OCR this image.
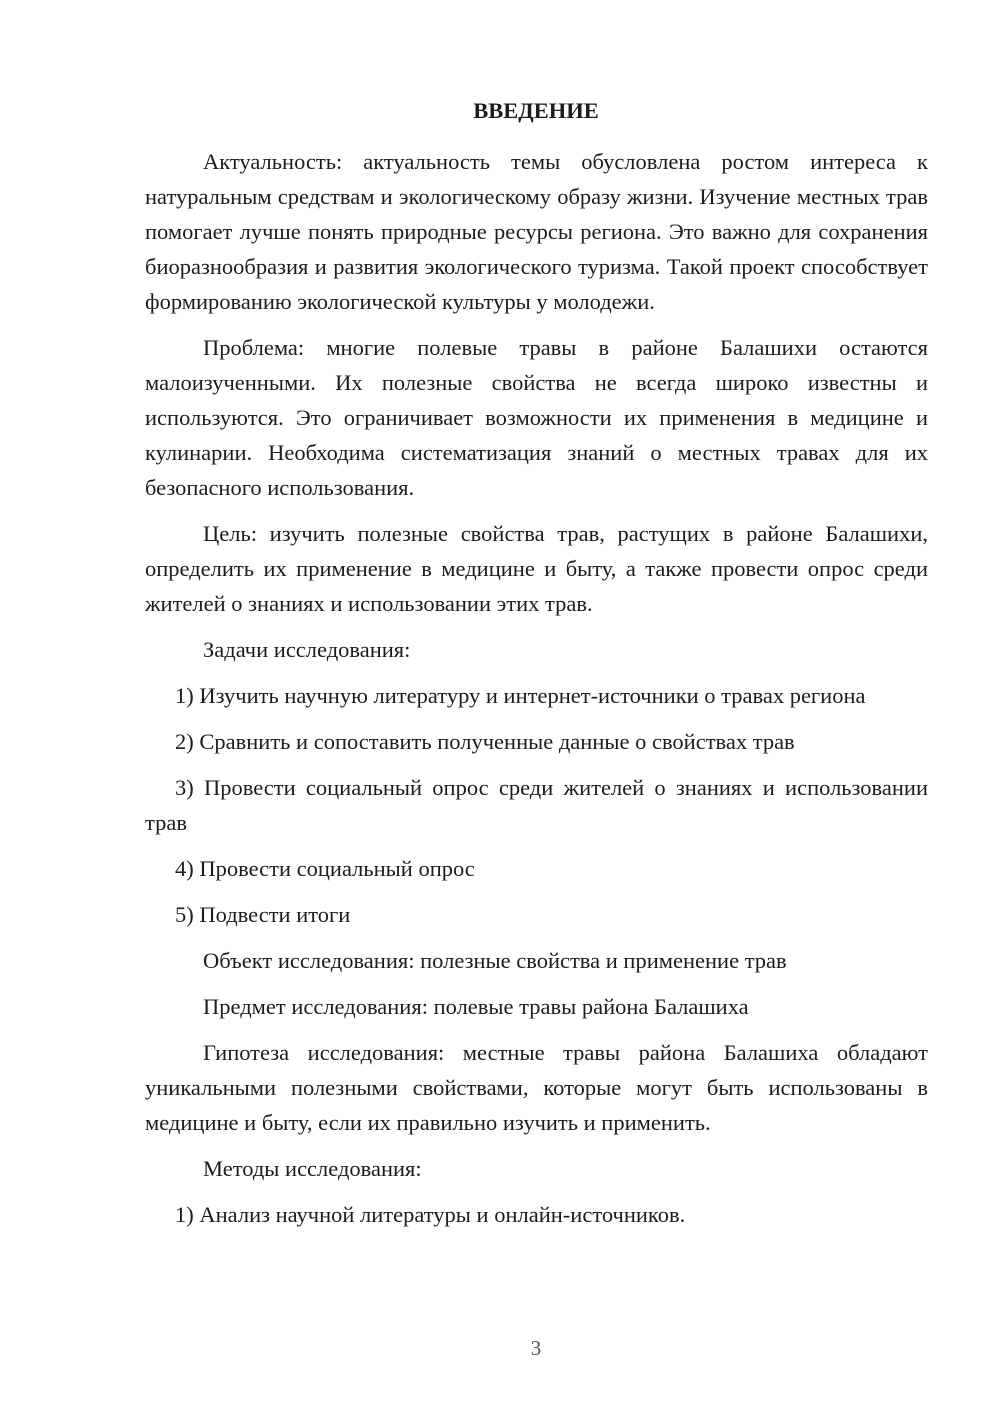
ВВЕДЕНИЕ

Актуальность: актуальность темы обусловлена ростом интереса к натуральным средствам и экологическому образу жизни. Изучение местных трав помогает лучше понять природные ресурсы региона. Это важно для сохранения биоразнообразия и развития экологического туризма. Такой проект способствует формированию экологической культуры у молодежи.

Проблема: многие полевые травы в районе Балашихи остаются малоизученными. Их полезные свойства не всегда широко известны и используются. Это ограничивает возможности их применения в медицине и кулинарии. Необходима систематизация знаний о местных травах для их безопасного использования.

Цель: изучить полезные свойства трав, растущих в районе Балашихи, определить их применение в медицине и быту, а также провести опрос среди жителей о знаниях и использовании этих трав.

Задачи исследования:

1) Изучить научную литературу и интернет-источники о травах региона

2) Сравнить и сопоставить полученные данные о свойствах трав

3) Провести социальный опрос среди жителей о знаниях и использовании трав

4) Провести социальный опрос

5) Подвести итоги

Объект исследования: полезные свойства и применение трав

Предмет исследования: полевые травы района Балашиха

Гипотеза исследования: местные травы района Балашиха обладают уникальными полезными свойствами, которые могут быть использованы в медицине и быту, если их правильно изучить и применить.

Методы исследования:

1) Анализ научной литературы и онлайн-источников.

3
